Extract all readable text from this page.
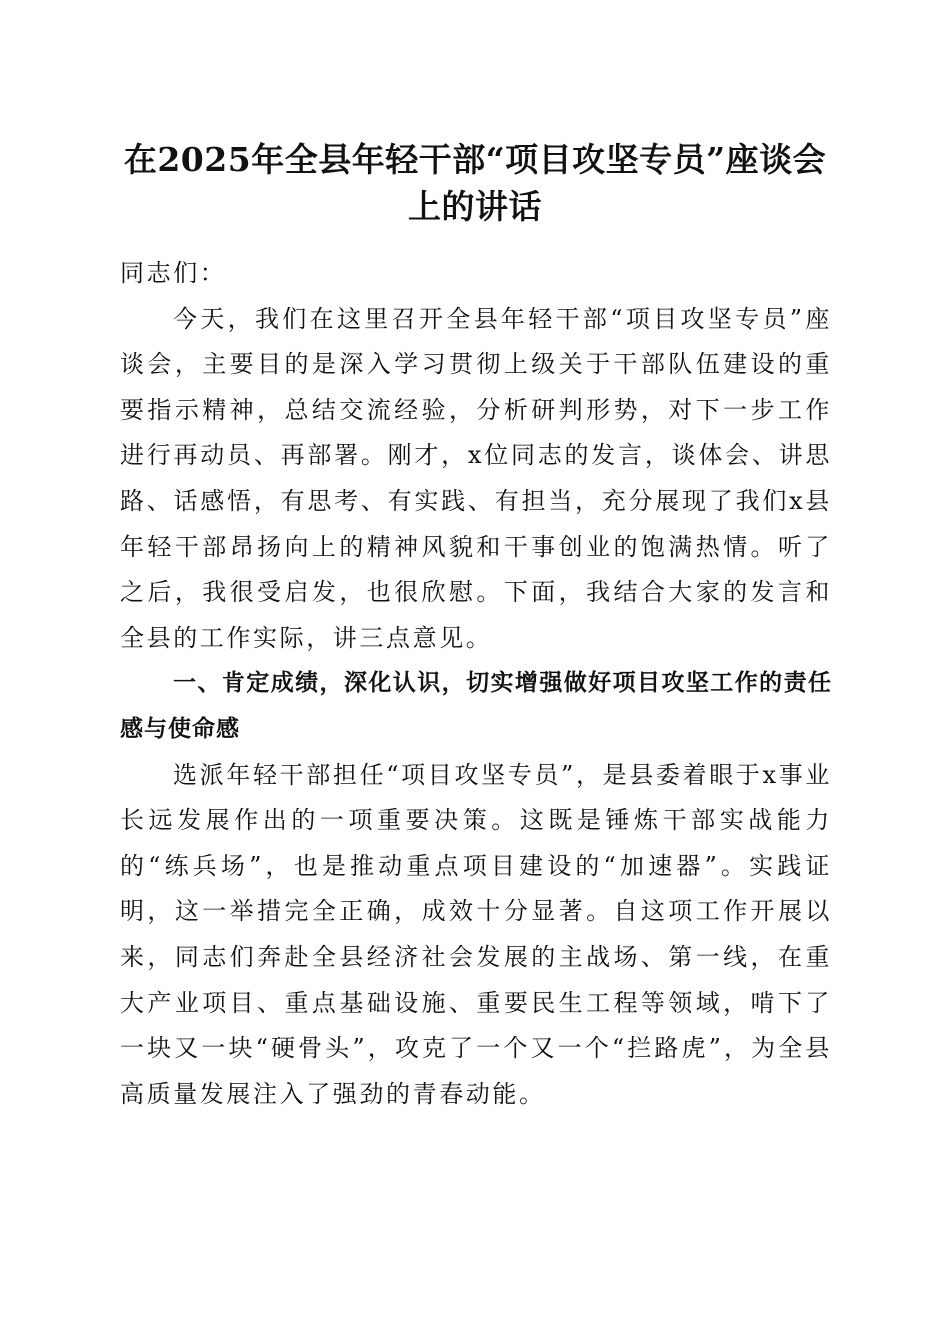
在2025年全县年轻干部“项目攻坚专员”座谈会上的讲话

同志们：

今天，我们在这里召开全县年轻干部“项目攻坚专员”座谈会，主要目的是深入学习贯彻上级关于干部队伍建设的重要指示精神，总结交流经验，分析研判形势，对下一步工作进行再动员、再部署。刚才，x位同志的发言，谈体会、讲思路、话感悟，有思考、有实践、有担当，充分展现了我们x县年轻干部昂扬向上的精神风貌和干事创业的饱满热情。听了之后，我很受启发，也很欣慰。下面，我结合大家的发言和全县的工作实际，讲三点意见。

一、肯定成绩，深化认识，切实增强做好项目攻坚工作的责任感与使命感

选派年轻干部担任“项目攻坚专员”，是县委着眼于x事业长远发展作出的一项重要决策。这既是锤炼干部实战能力的“练兵场”，也是推动重点项目建设的“加速器”。实践证明，这一举措完全正确，成效十分显著。自这项工作开展以来，同志们奔赴全县经济社会发展的主战场、第一线，在重大产业项目、重点基础设施、重要民生工程等领域，啃下了一块又一块“硬骨头”，攻克了一个又一个“拦路虎”，为全县高质量发展注入了强劲的青春动能。
